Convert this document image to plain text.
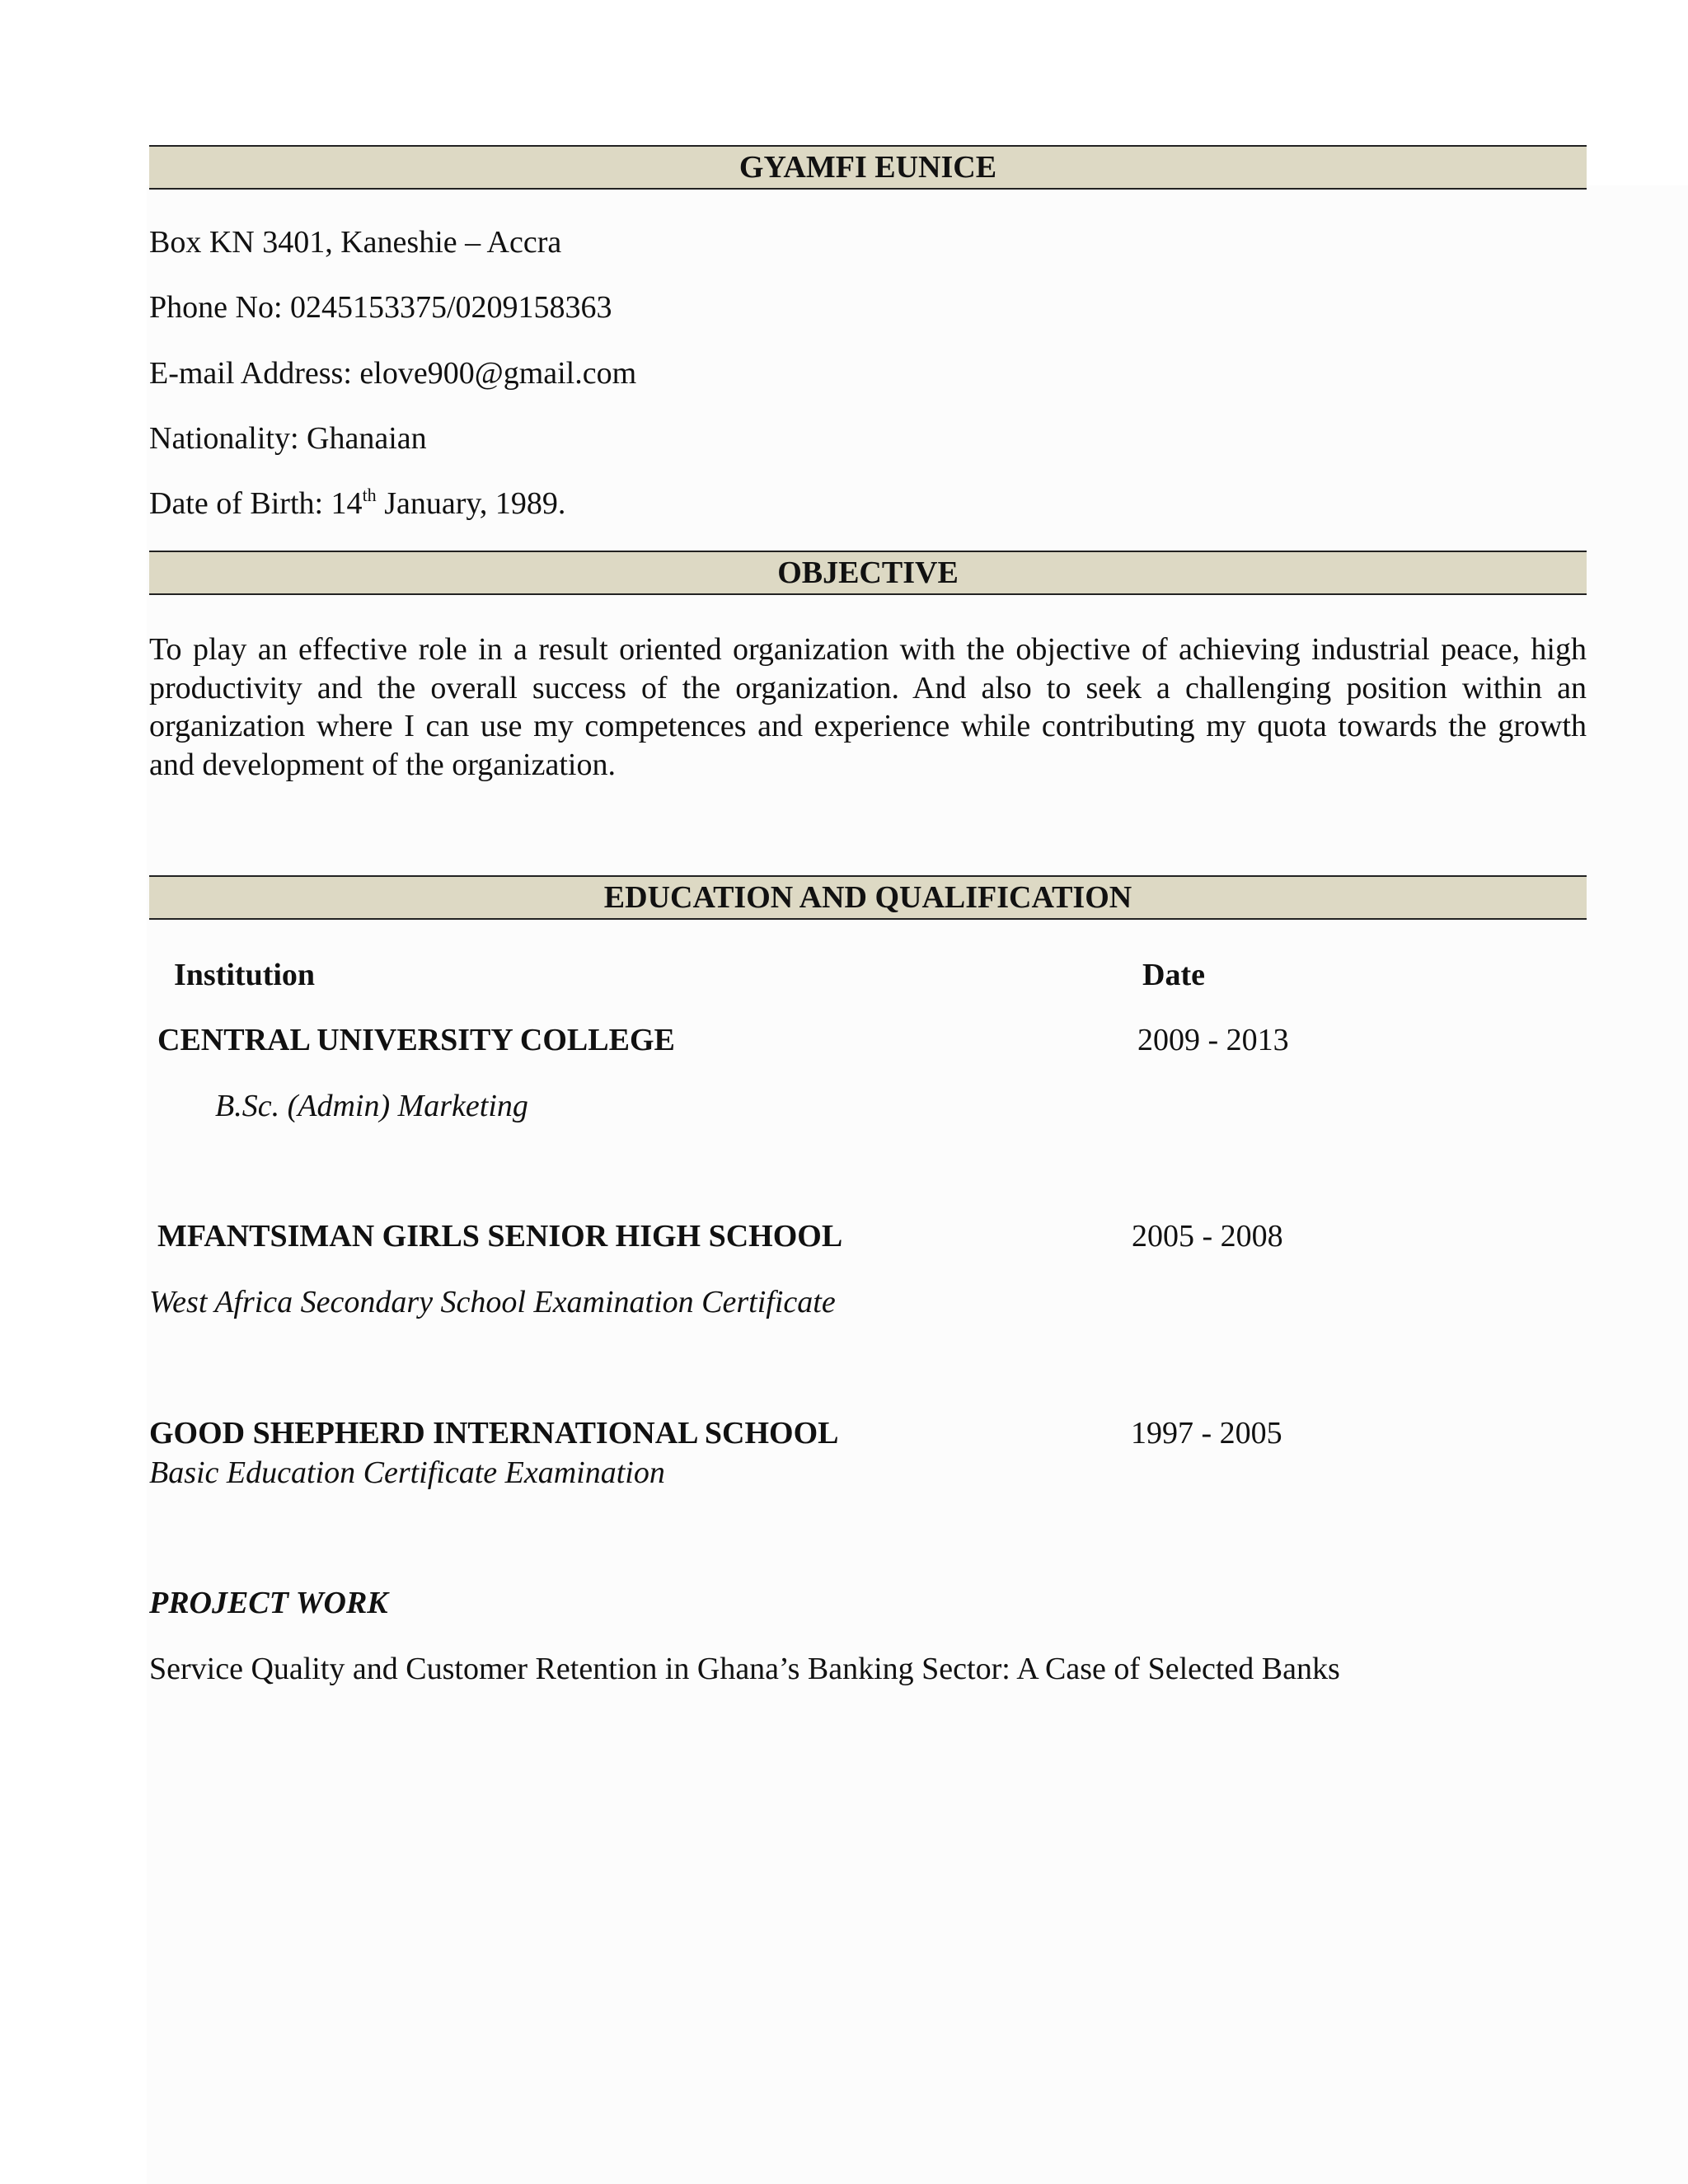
GYAMFI EUNICE
Box KN 3401, Kaneshie – Accra
Phone No: 0245153375/0209158363
E-mail Address: elove900@gmail.com
Nationality: Ghanaian
Date of Birth: 14th January, 1989.
OBJECTIVE
To play an effective role in a result oriented organization with the objective of achieving industrial peace, high productivity and the overall success of the organization. And also to seek a challenging position within an organization where I can use my competences and experience while contributing my quota towards the growth and development of the organization.
EDUCATION AND QUALIFICATION
Institution	Date
CENTRAL UNIVERSITY COLLEGE	2009 - 2013
B.Sc. (Admin) Marketing
MFANTSIMAN GIRLS SENIOR HIGH SCHOOL	2005 - 2008
West Africa Secondary School Examination Certificate
GOOD SHEPHERD INTERNATIONAL SCHOOL	1997 - 2005
Basic Education Certificate Examination
PROJECT WORK
Service Quality and Customer Retention in Ghana’s Banking Sector: A Case of Selected Banks
